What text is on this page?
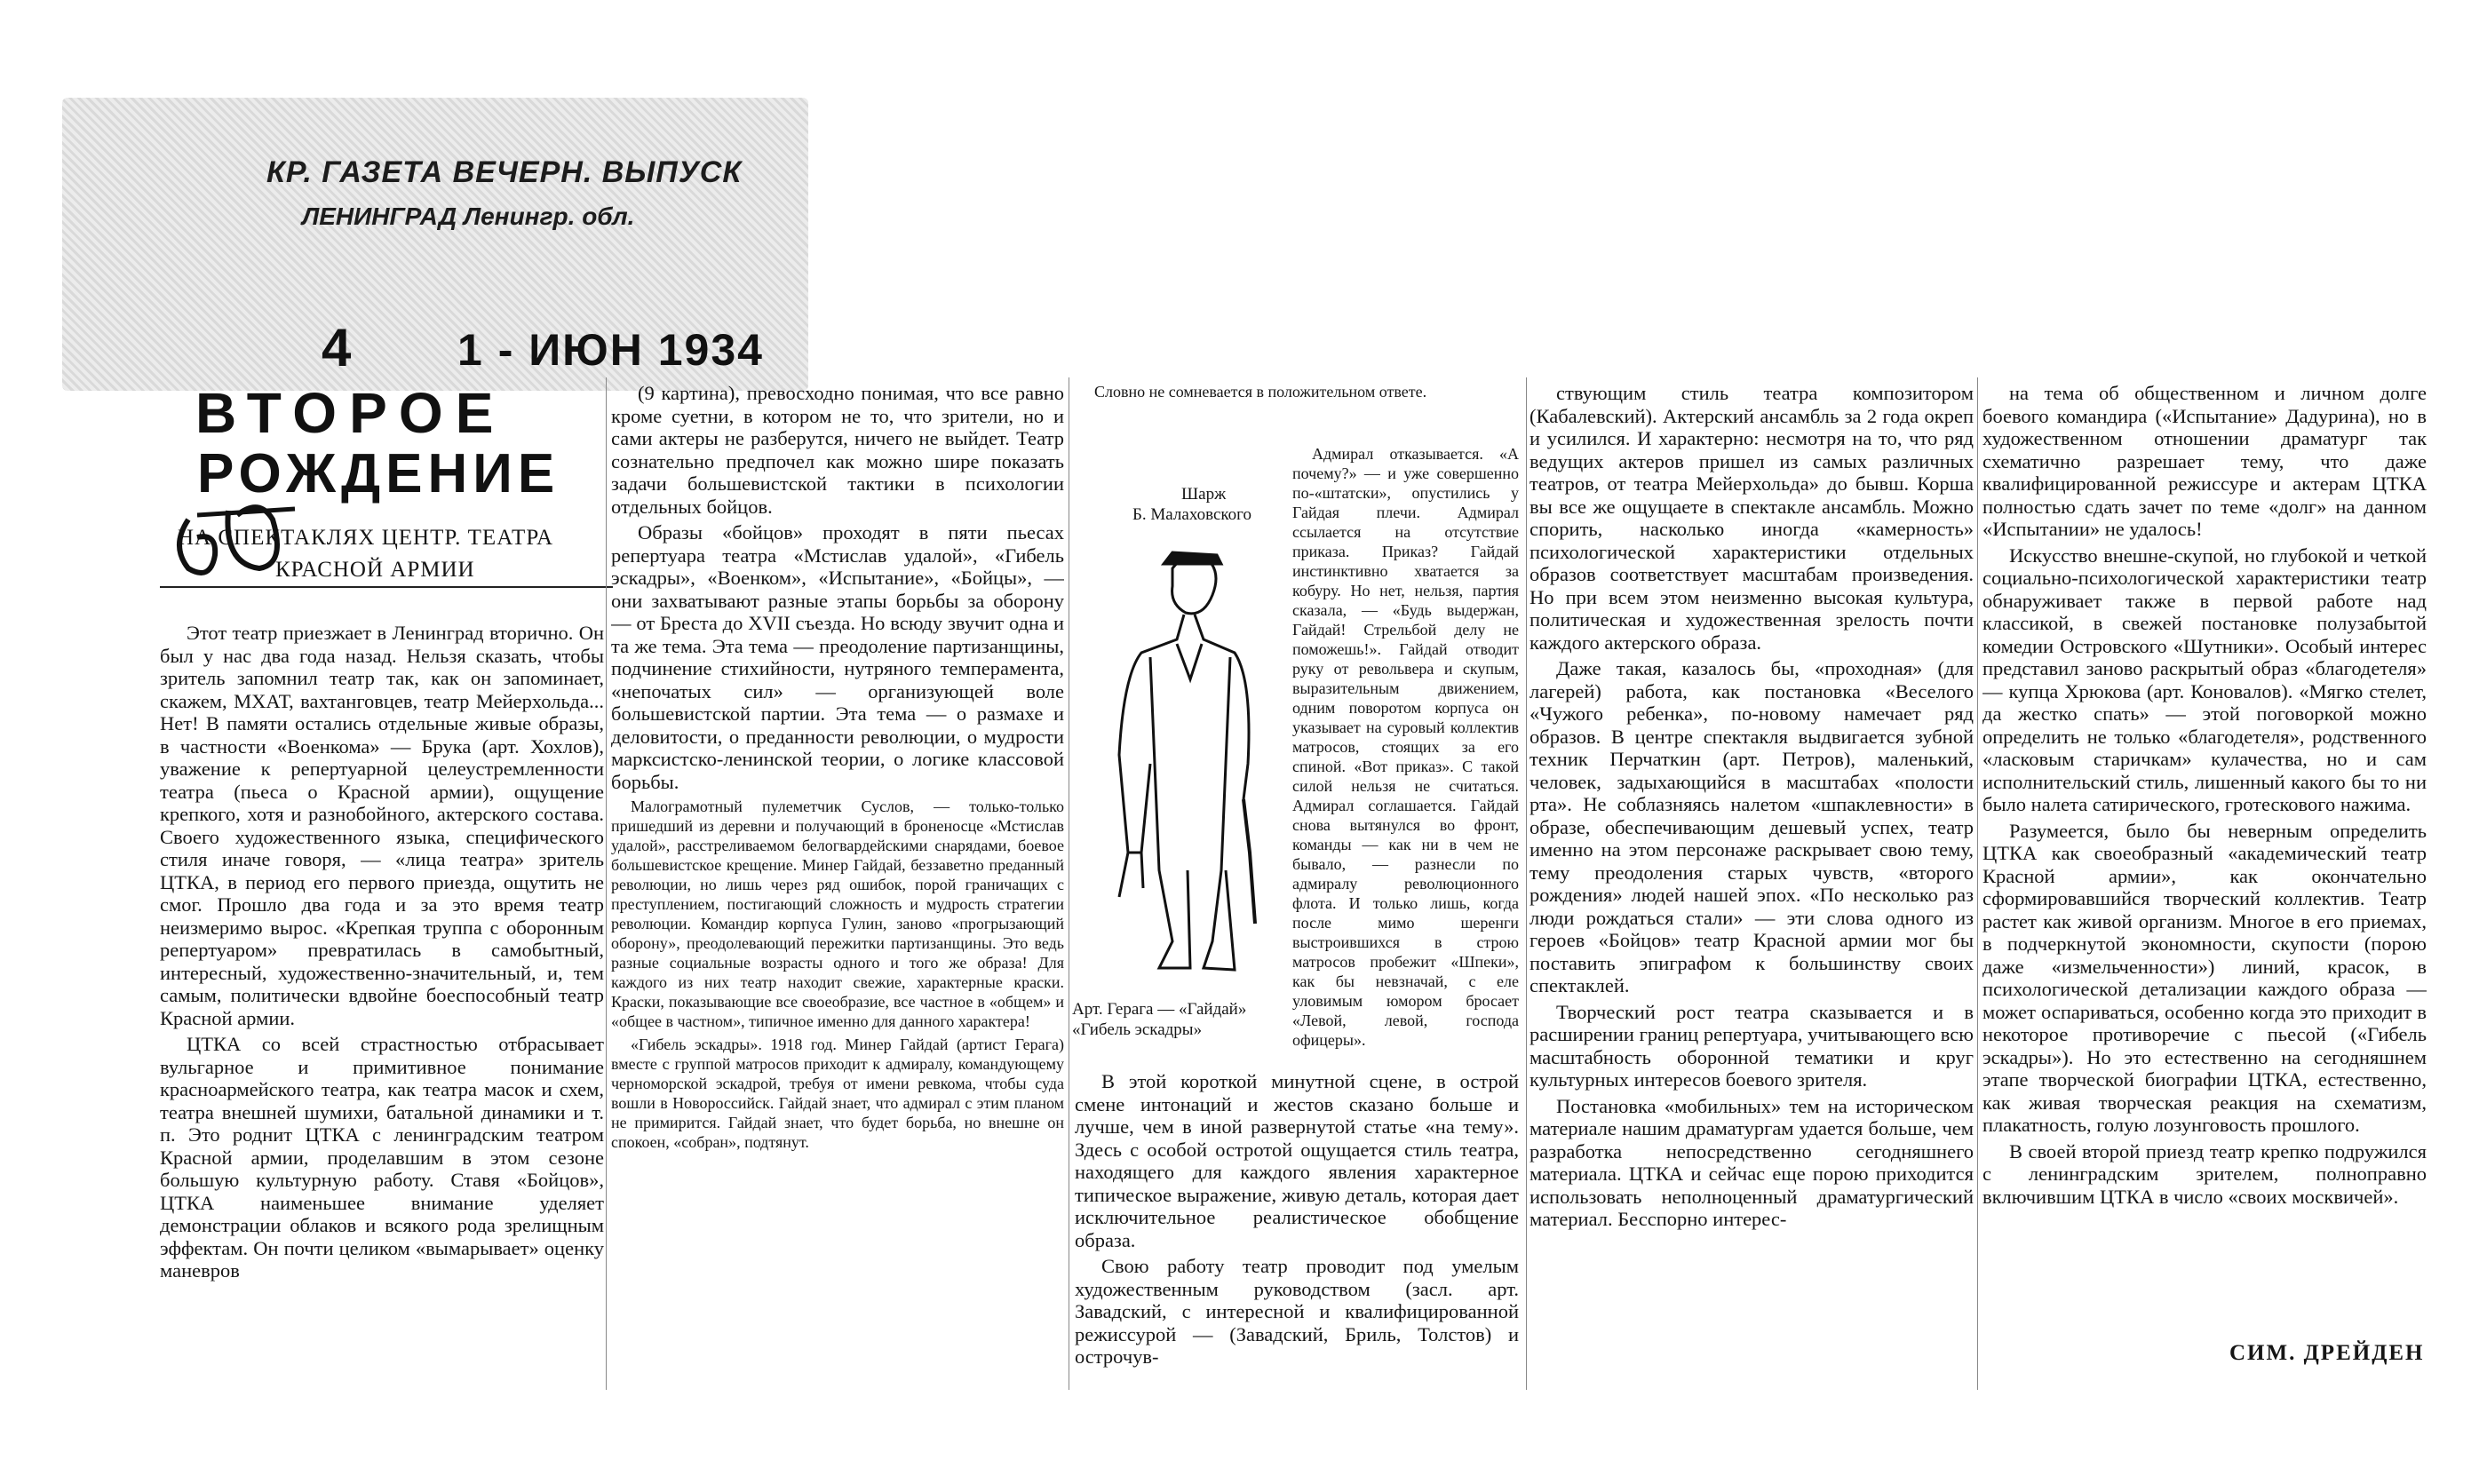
КР. ГАЗЕТА ВЕЧЕРН. ВЫПУСК
ЛЕНИНГРАД Ленингр. обл.
1 - ИЮН 1934
4
ВТОРОЕ
РОЖДЕНИЕ
НА СПЕКТАКЛЯХ ЦЕНТР. ТЕАТРА
КРАСНОЙ АРМИИ

Этот театр приезжает в Ленинград вторично. Он был у нас два года назад. Нельзя сказать, чтобы зритель запомнил театр так, как он запоминает, скажем, МХАТ, вахтанговцев, театр Мейерхольда... Нет! В памяти остались отдельные живые образы, в частности «Военкома» — Брука (арт. Хохлов), уважение к репертуарной целеустремленности театра (пьеса о Красной армии), ощущение крепкого, хотя и разнобойного, актерского состава. Своего художественного языка, специфического стиля иначе говоря, — «лица театра» зритель ЦТКА, в период его первого приезда, ощутить не смог. Прошло два года и за это время театр неизмеримо вырос. «Крепкая труппа с оборонным репертуаром» превратилась в самобытный, интересный, художественно-значительный, и, тем самым, политически вдвойне боеспособный театр Красной армии.

ЦТКА со всей страстностью отбрасывает вульгарное и примитивное понимание красноармейского театра, как театра масок и схем, театра внешней шумихи, батальной динамики и т. п. Это роднит ЦТКА с ленинградским театром Красной армии, проделавшим в этом сезоне большую культурную работу. Ставя «Бойцов», ЦТКА наименьшее внимание уделяет демонстрации облаков и всякого рода зрелищным эффектам. Он почти целиком «вымарывает» оценку маневров

(9 картина), превосходно понимая, что все равно кроме суетни, в котором не то, что зрители, но и сами актеры не разберутся, ничего не выйдет. Театр сознательно предпочел как можно шире показать задачи большевистской тактики в психологии отдельных бойцов.

Образы «бойцов» проходят в пяти пьесах репертуара театра «Мстислав удалой», «Гибель эскадры», «Военком», «Испытание», «Бойцы», — они захватывают разные этапы борьбы за оборону — от Бреста до XVII съезда. Но всюду звучит одна и та же тема. Эта тема — преодоление партизанщины, подчинение стихийности, нутряного темперамента, «непочатых сил» — организующей воле большевистской партии. Эта тема — о размахе и деловитости, о преданности революции, о мудрости марксистско-ленинской теории, о логике классовой борьбы.

Малограмотный пулеметчик Суслов, — только-только пришедший из деревни и получающий в броненосце «Мстислав удалой», расстреливаемом белогвардейскими снарядами, боевое большевистское крещение. Минер Гайдай, беззаветно преданный революции, но лишь через ряд ошибок, порой граничащих с преступлением, постигающий сложность и мудрость стратегии революции. Командир корпуса Гулин, заново «прогрызающий оборону», преодолевающий пережитки партизанщины. Это ведь разные социальные возрасты одного и того же образа! Для каждого из них театр находит свежие, характерные краски. Краски, показывающие все своеобразие, все частное в «общем» и «общее в частном», типичное именно для данного характера!

«Гибель эскадры». 1918 год. Минер Гайдай (артист Герага) вместе с группой матросов приходит к адмиралу, командующему черноморской эскадрой, требуя от имени ревкома, чтобы суда вошли в Новороссийск. Гайдай знает, что адмирал с этим планом не примирится. Гайдай знает, что будет борьба, но внешне он спокоен, «собран», подтянут.

Словно не сомневается в положительном ответе.

Адмирал отказывается. «А почему?» — и уже совершенно по-«штатски», опустились у Гайдая плечи. Адмирал ссылается на отсутствие приказа. Приказ? Гайдай инстинктивно хватается за кобуру. Но нет, нельзя, партия сказала, — «Будь выдержан, Гайдай! Стрельбой делу не поможешь!». Гайдай отводит руку от револьвера и скупым, выразительным движением, одним поворотом корпуса он указывает на суровый коллектив матросов, стоящих за его спиной. «Вот приказ». С такой силой нельзя не считаться. Адмирал соглашается. Гайдай снова вытянулся во фронт, команды — как ни в чем не бывало, — разнесли по адмиралу революционного флота. И только лишь, когда после мимо шеренги выстроившихся в строю матросов пробежит «Шпеки», как бы невзначай, с еле уловимым юмором бросает «Левой, левой, господа офицеры».

Шарж
Б. Малаховского
Арт. Герага — «Гайдай» «Гибель эскадры»

В этой короткой минутной сцене, в острой смене интонаций и жестов сказано больше и лучше, чем в иной развернутой статье «на тему». Здесь с особой остротой ощущается стиль театра, находящего для каждого явления характерное типическое выражение, живую деталь, которая дает исключительное реалистическое обобщение образа.

Свою работу театр проводит под умелым художественным руководством (засл. арт. Завадский, с интересной и квалифицированной режиссурой — (Завадский, Бриль, Толстов) и острочув-

ствующим стиль театра композитором (Кабалевский). Актерский ансамбль за 2 года окреп и усилился. И характерно: несмотря на то, что ряд ведущих актеров пришел из самых различных театров, от театра Мейерхольда» до бывш. Корша вы все же ощущаете в спектакле ансамбль. Можно спорить, насколько иногда «камерность» психологической характеристики отдельных образов соответствует масштабам произведения. Но при всем этом неизменно высокая культура, политическая и художественная зрелость почти каждого актерского образа.

Даже такая, казалось бы, «проходная» (для лагерей) работа, как постановка «Веселого «Чужого ребенка», по-новому намечает ряд образов. В центре спектакля выдвигается зубной техник Перчаткин (арт. Петров), маленький, человек, задыхающийся в масштабах «полости рта». Не соблазняясь налетом «шпаклевности» в образе, обеспечивающим дешевый успех, театр именно на этом персонаже раскрывает свою тему, тему преодоления старых чувств, «второго рождения» людей нашей эпох. «По несколько раз люди рождаться стали» — эти слова одного из героев «Бойцов» театр Красной армии мог бы поставить эпиграфом к большинству своих спектаклей.

Творческий рост театра сказывается и в расширении границ репертуара, учитывающего всю масштабность оборонной тематики и круг культурных интересов боевого зрителя.

Постановка «мобильных» тем на историческом материале нашим драматургам удается больше, чем разработка непосредственно сегодняшнего материала. ЦТКА и сейчас еще порою приходится использовать неполноценный драматургический материал. Бесспорно интерес-

на тема об общественном и личном долге боевого командира («Испытание» Дадурина), но в художественном отношении драматург так схематично разрешает тему, что даже квалифицированной режиссуре и актерам ЦТКА полностью сдать зачет по теме «долг» на данном «Испытании» не удалось!

Искусство внешне-скупой, но глубокой и четкой социально-психологической характеристики театр обнаруживает также в первой работе над классикой, в свежей постановке полузабытой комедии Островского «Шутники». Особый интерес представил заново раскрытый образ «благодетеля» — купца Хрюкова (арт. Коновалов). «Мягко стелет, да жестко спать» — этой поговоркой можно определить не только «благодетеля», родственного «ласковым старичкам» кулачества, но и сам исполнительский стиль, лишенный какого бы то ни было налета сатирического, гротескового нажима.

Разумеется, было бы неверным определить ЦТКА как своеобразный «академический театр Красной армии», как окончательно сформировавшийся творческий коллектив. Театр растет как живой организм. Многое в его приемах, в подчеркнутой экономности, скупости (порою даже «измельченности») линий, красок, в психологической детализации каждого образа — может оспариваться, особенно когда это приходит в некоторое противоречие с пьесой («Гибель эскадры»). Но это естественно на сегодняшнем этапе творческой биографии ЦТКА, естественно, как живая творческая реакция на схематизм, плакатность, голую лозунговость прошлого.

В своей второй приезд театр крепко подружился с ленинградским зрителем, полноправно включившим ЦТКА в число «своих москвичей».

СИМ. ДРЕЙДЕН
